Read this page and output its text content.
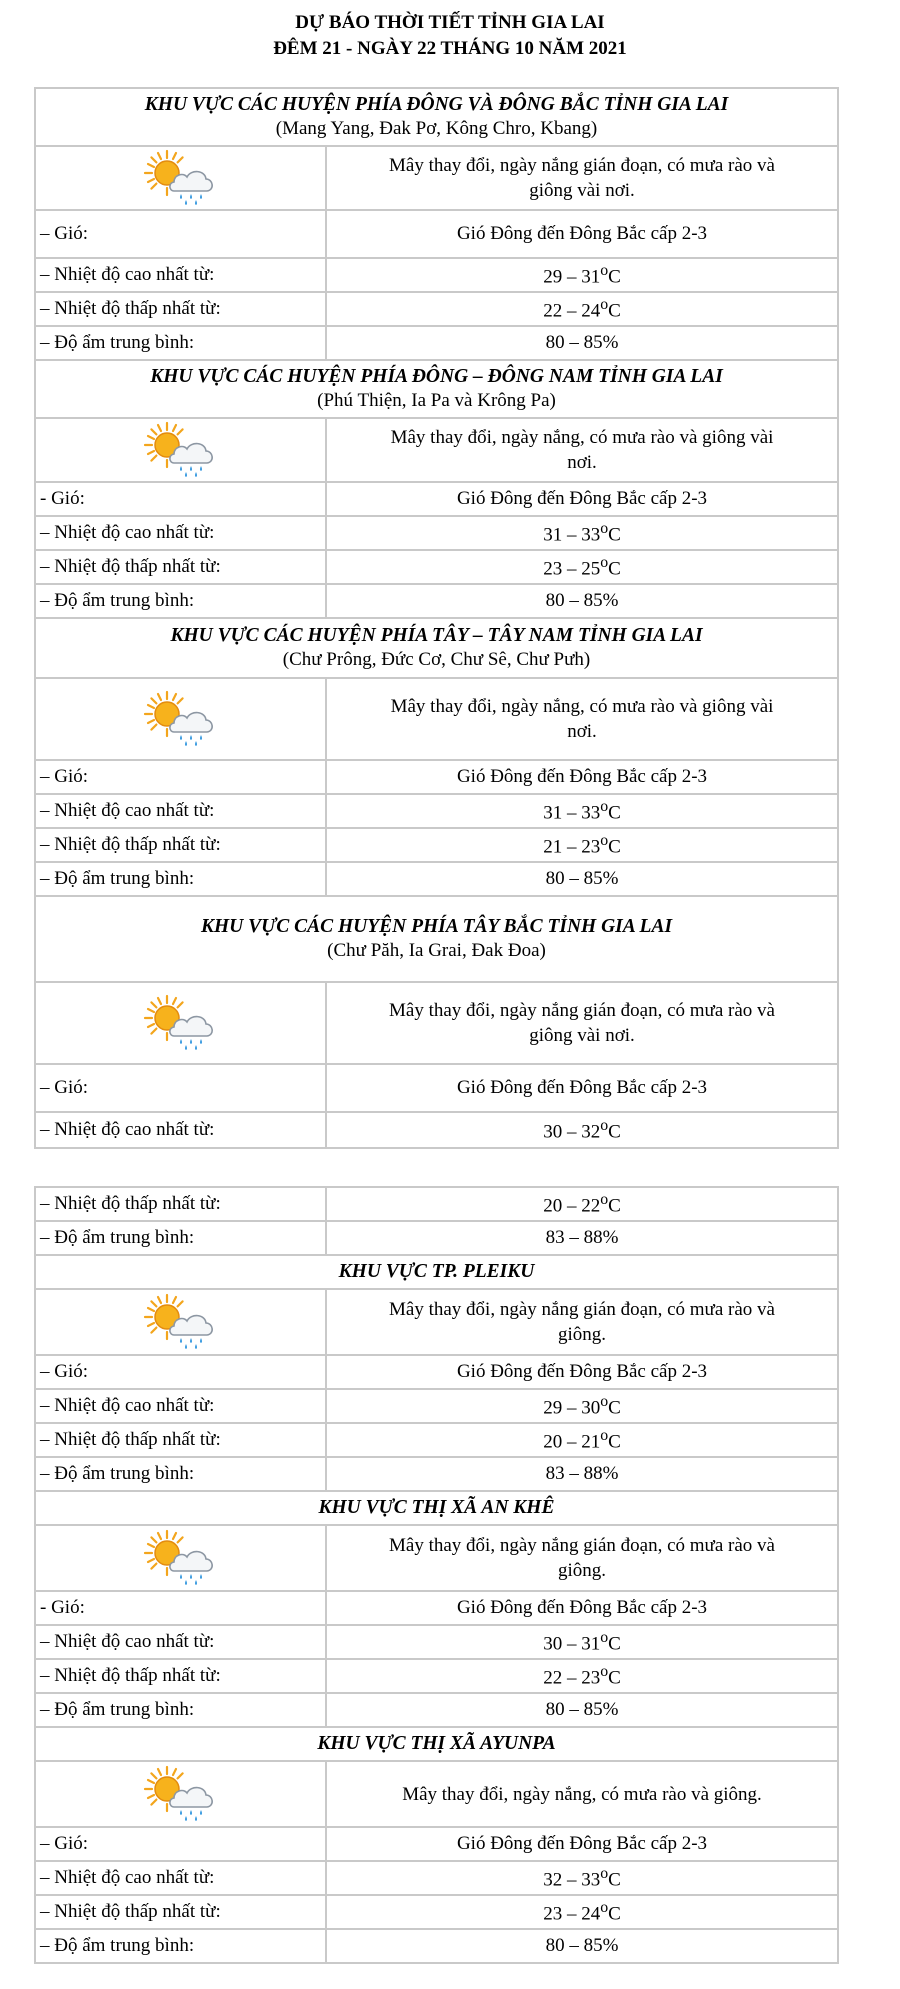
DỰ BÁO THỜI TIẾT TỈNH GIA LAI
ĐÊM 21 - NGÀY 22 THÁNG 10 NĂM 2021
KHU VỰC CÁC HUYỆN PHÍA ĐÔNG VÀ ĐÔNG BẮC TỈNH GIA LAI
(Mang Yang, Đak Pơ, Kông Chro, Kbang)	

Mây thay đổi, ngày nắng gián đoạn, có mưa rào và
giông vài nơi.

– Gió:	Gió Đông đến Đông Bắc cấp 2-3
– Nhiệt độ cao nhất từ:	29 – 31$^o$C
– Nhiệt độ thấp nhất từ:	22 – 24$^o$C
– Độ ẩm trung bình:	80 – 85%

KHU VỰC CÁC HUYỆN PHÍA ĐÔNG – ĐÔNG NAM TỈNH GIA LAI
(Phú Thiện, Ia Pa và Krông Pa)	

Mây thay đổi, ngày nắng, có mưa rào và giông vài
nơi.

- Gió:	Gió Đông đến Đông Bắc cấp 2-3
– Nhiệt độ cao nhất từ:	31 – 33$^o$C
– Nhiệt độ thấp nhất từ:	23 – 25$^o$C
– Độ ẩm trung bình:	80 – 85%

KHU VỰC CÁC HUYỆN PHÍA TÂY – TÂY NAM TỈNH GIA LAI
(Chư Prông, Đức Cơ, Chư Sê, Chư Pưh)	

Mây thay đổi, ngày nắng, có mưa rào và giông vài
nơi.

– Gió:	Gió Đông đến Đông Bắc cấp 2-3
– Nhiệt độ cao nhất từ:	31 – 33$^o$C
– Nhiệt độ thấp nhất từ:	21 – 23$^o$C
– Độ ẩm trung bình:	80 – 85%

KHU VỰC CÁC HUYỆN PHÍA TÂY BẮC TỈNH GIA LAI
(Chư Păh, Ia Grai, Đak Đoa)	

Mây thay đổi, ngày nắng gián đoạn, có mưa rào và
giông vài nơi.

– Gió:	Gió Đông đến Đông Bắc cấp 2-3
– Nhiệt độ cao nhất từ:	30 – 32$^o$C
– Nhiệt độ thấp nhất từ:	20 – 22$^o$C
– Độ ẩm trung bình:	83 – 88%

KHU VỰC TP. PLEIKU	

Mây thay đổi, ngày nắng gián đoạn, có mưa rào và
giông.

– Gió:	Gió Đông đến Đông Bắc cấp 2-3
– Nhiệt độ cao nhất từ:	29 – 30$^o$C
– Nhiệt độ thấp nhất từ:	20 – 21$^o$C
– Độ ẩm trung bình:	83 – 88%

KHU VỰC THỊ XÃ AN KHÊ	

Mây thay đổi, ngày nắng gián đoạn, có mưa rào và
giông.

- Gió:	Gió Đông đến Đông Bắc cấp 2-3
– Nhiệt độ cao nhất từ:	30 – 31$^o$C
– Nhiệt độ thấp nhất từ:	22 – 23$^o$C
– Độ ẩm trung bình:	80 – 85%

KHU VỰC THỊ XÃ AYUNPA	

Mây thay đổi, ngày nắng, có mưa rào và giông.

– Gió:	Gió Đông đến Đông Bắc cấp 2-3
– Nhiệt độ cao nhất từ:	32 – 33$^o$C
– Nhiệt độ thấp nhất từ:	23 – 24$^o$C
– Độ ẩm trung bình:	80 – 85%
